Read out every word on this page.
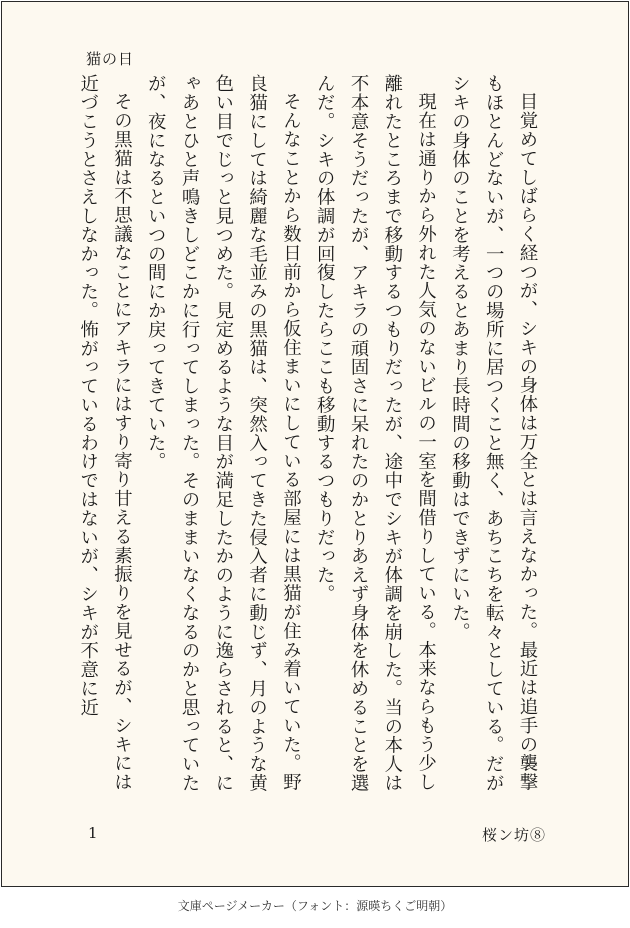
猫の日

目覚めてしばらく経つが、シキの身体は万全とは言えなかった。最近は追手の襲撃もほとんどないが、一つの場所に居つくこと無く、あちこちを転々としている。だがシキの身体のことを考えるとあまり長時間の移動はできずにいた。

現在は通りから外れた人気のないビルの一室を間借りしている。本来ならもう少し離れたところまで移動するつもりだったが、途中でシキが体調を崩した。当の本人は不本意そうだったが、アキラの頑固さに呆れたのかとりあえず身体を休めることを選んだ。シキの体調が回復したらここも移動するつもりだった。

そんなことから数日前から仮住まいにしている部屋には黒猫が住み着いていた。野良猫にしては綺麗な毛並みの黒猫は、突然入ってきた侵入者に動じず、月のような黄色い目でじっと見つめた。見定めるような目が満足したかのように逸らされると、にゃあとひと声鳴きしどこかに行ってしまった。そのままいなくなるのかと思っていたが、夜になるといつの間にか戻ってきていた。

その黒猫は不思議なことにアキラにはすり寄り甘える素振りを見せるが、シキには近づこうとさえしなかった。怖がっているわけではないが、シキが不意に近

1	桜ン坊⑧
文庫ページメーカー（フォント：源暎ちくご明朝）
